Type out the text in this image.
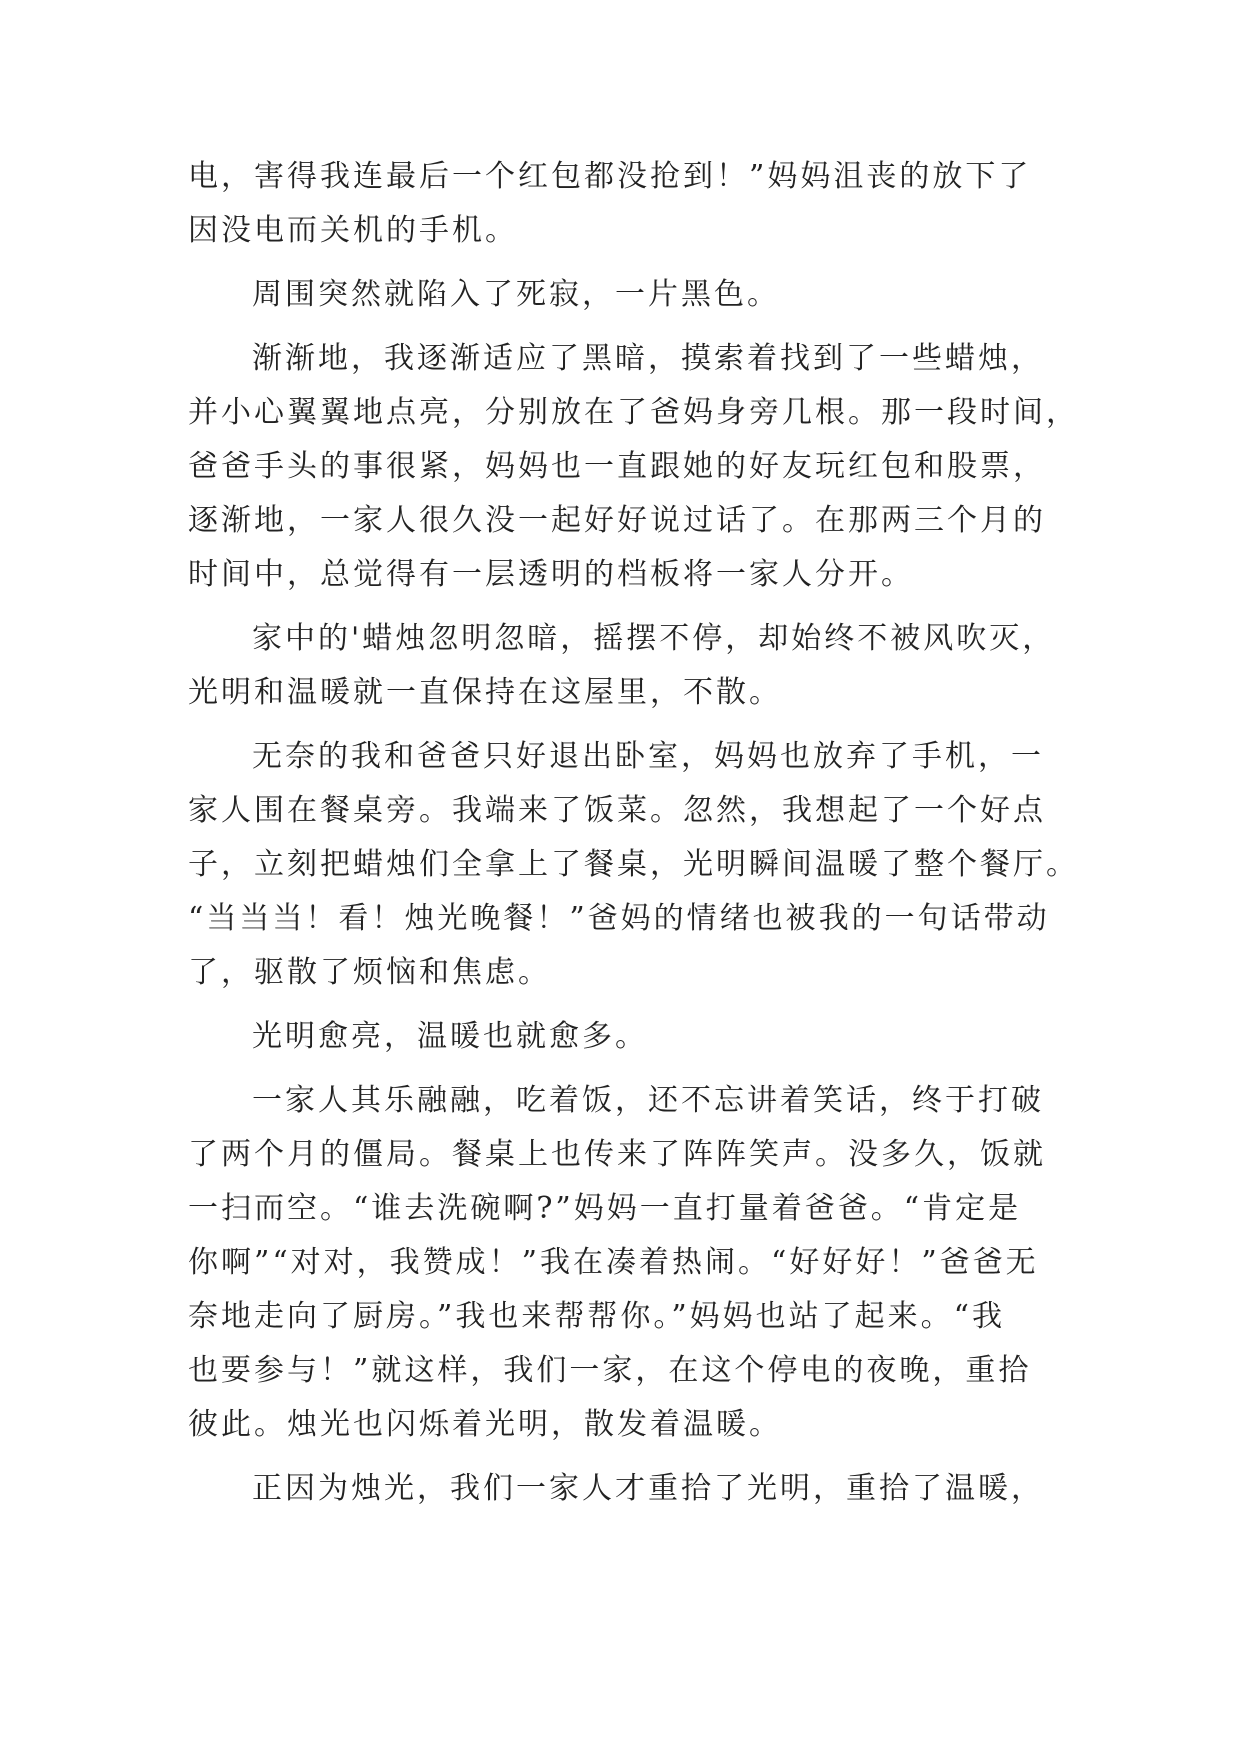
电，害得我连最后一个红包都没抢到！”妈妈沮丧的放下了
因没电而关机的手机。
周围突然就陷入了死寂，一片黑色。
渐渐地，我逐渐适应了黑暗，摸索着找到了一些蜡烛，
并小心翼翼地点亮，分别放在了爸妈身旁几根。那一段时间，
爸爸手头的事很紧，妈妈也一直跟她的好友玩红包和股票，
逐渐地，一家人很久没一起好好说过话了。在那两三个月的
时间中，总觉得有一层透明的档板将一家人分开。
家中的'蜡烛忽明忽暗，摇摆不停，却始终不被风吹灭，
光明和温暖就一直保持在这屋里，不散。
无奈的我和爸爸只好退出卧室，妈妈也放弃了手机，一
家人围在餐桌旁。我端来了饭菜。忽然，我想起了一个好点
子，立刻把蜡烛们全拿上了餐桌，光明瞬间温暖了整个餐厅。
“当当当！看！烛光晚餐！”爸妈的情绪也被我的一句话带动
了，驱散了烦恼和焦虑。
光明愈亮，温暖也就愈多。
一家人其乐融融，吃着饭，还不忘讲着笑话，终于打破
了两个月的僵局。餐桌上也传来了阵阵笑声。没多久，饭就
一扫而空。“谁去洗碗啊?”妈妈一直打量着爸爸。“肯定是
你啊”“对对，我赞成！”我在凑着热闹。“好好好！”爸爸无
奈地走向了厨房。”我也来帮帮你。”妈妈也站了起来。“我
也要参与！”就这样，我们一家，在这个停电的夜晚，重拾
彼此。烛光也闪烁着光明，散发着温暖。
正因为烛光，我们一家人才重拾了光明，重拾了温暖，
